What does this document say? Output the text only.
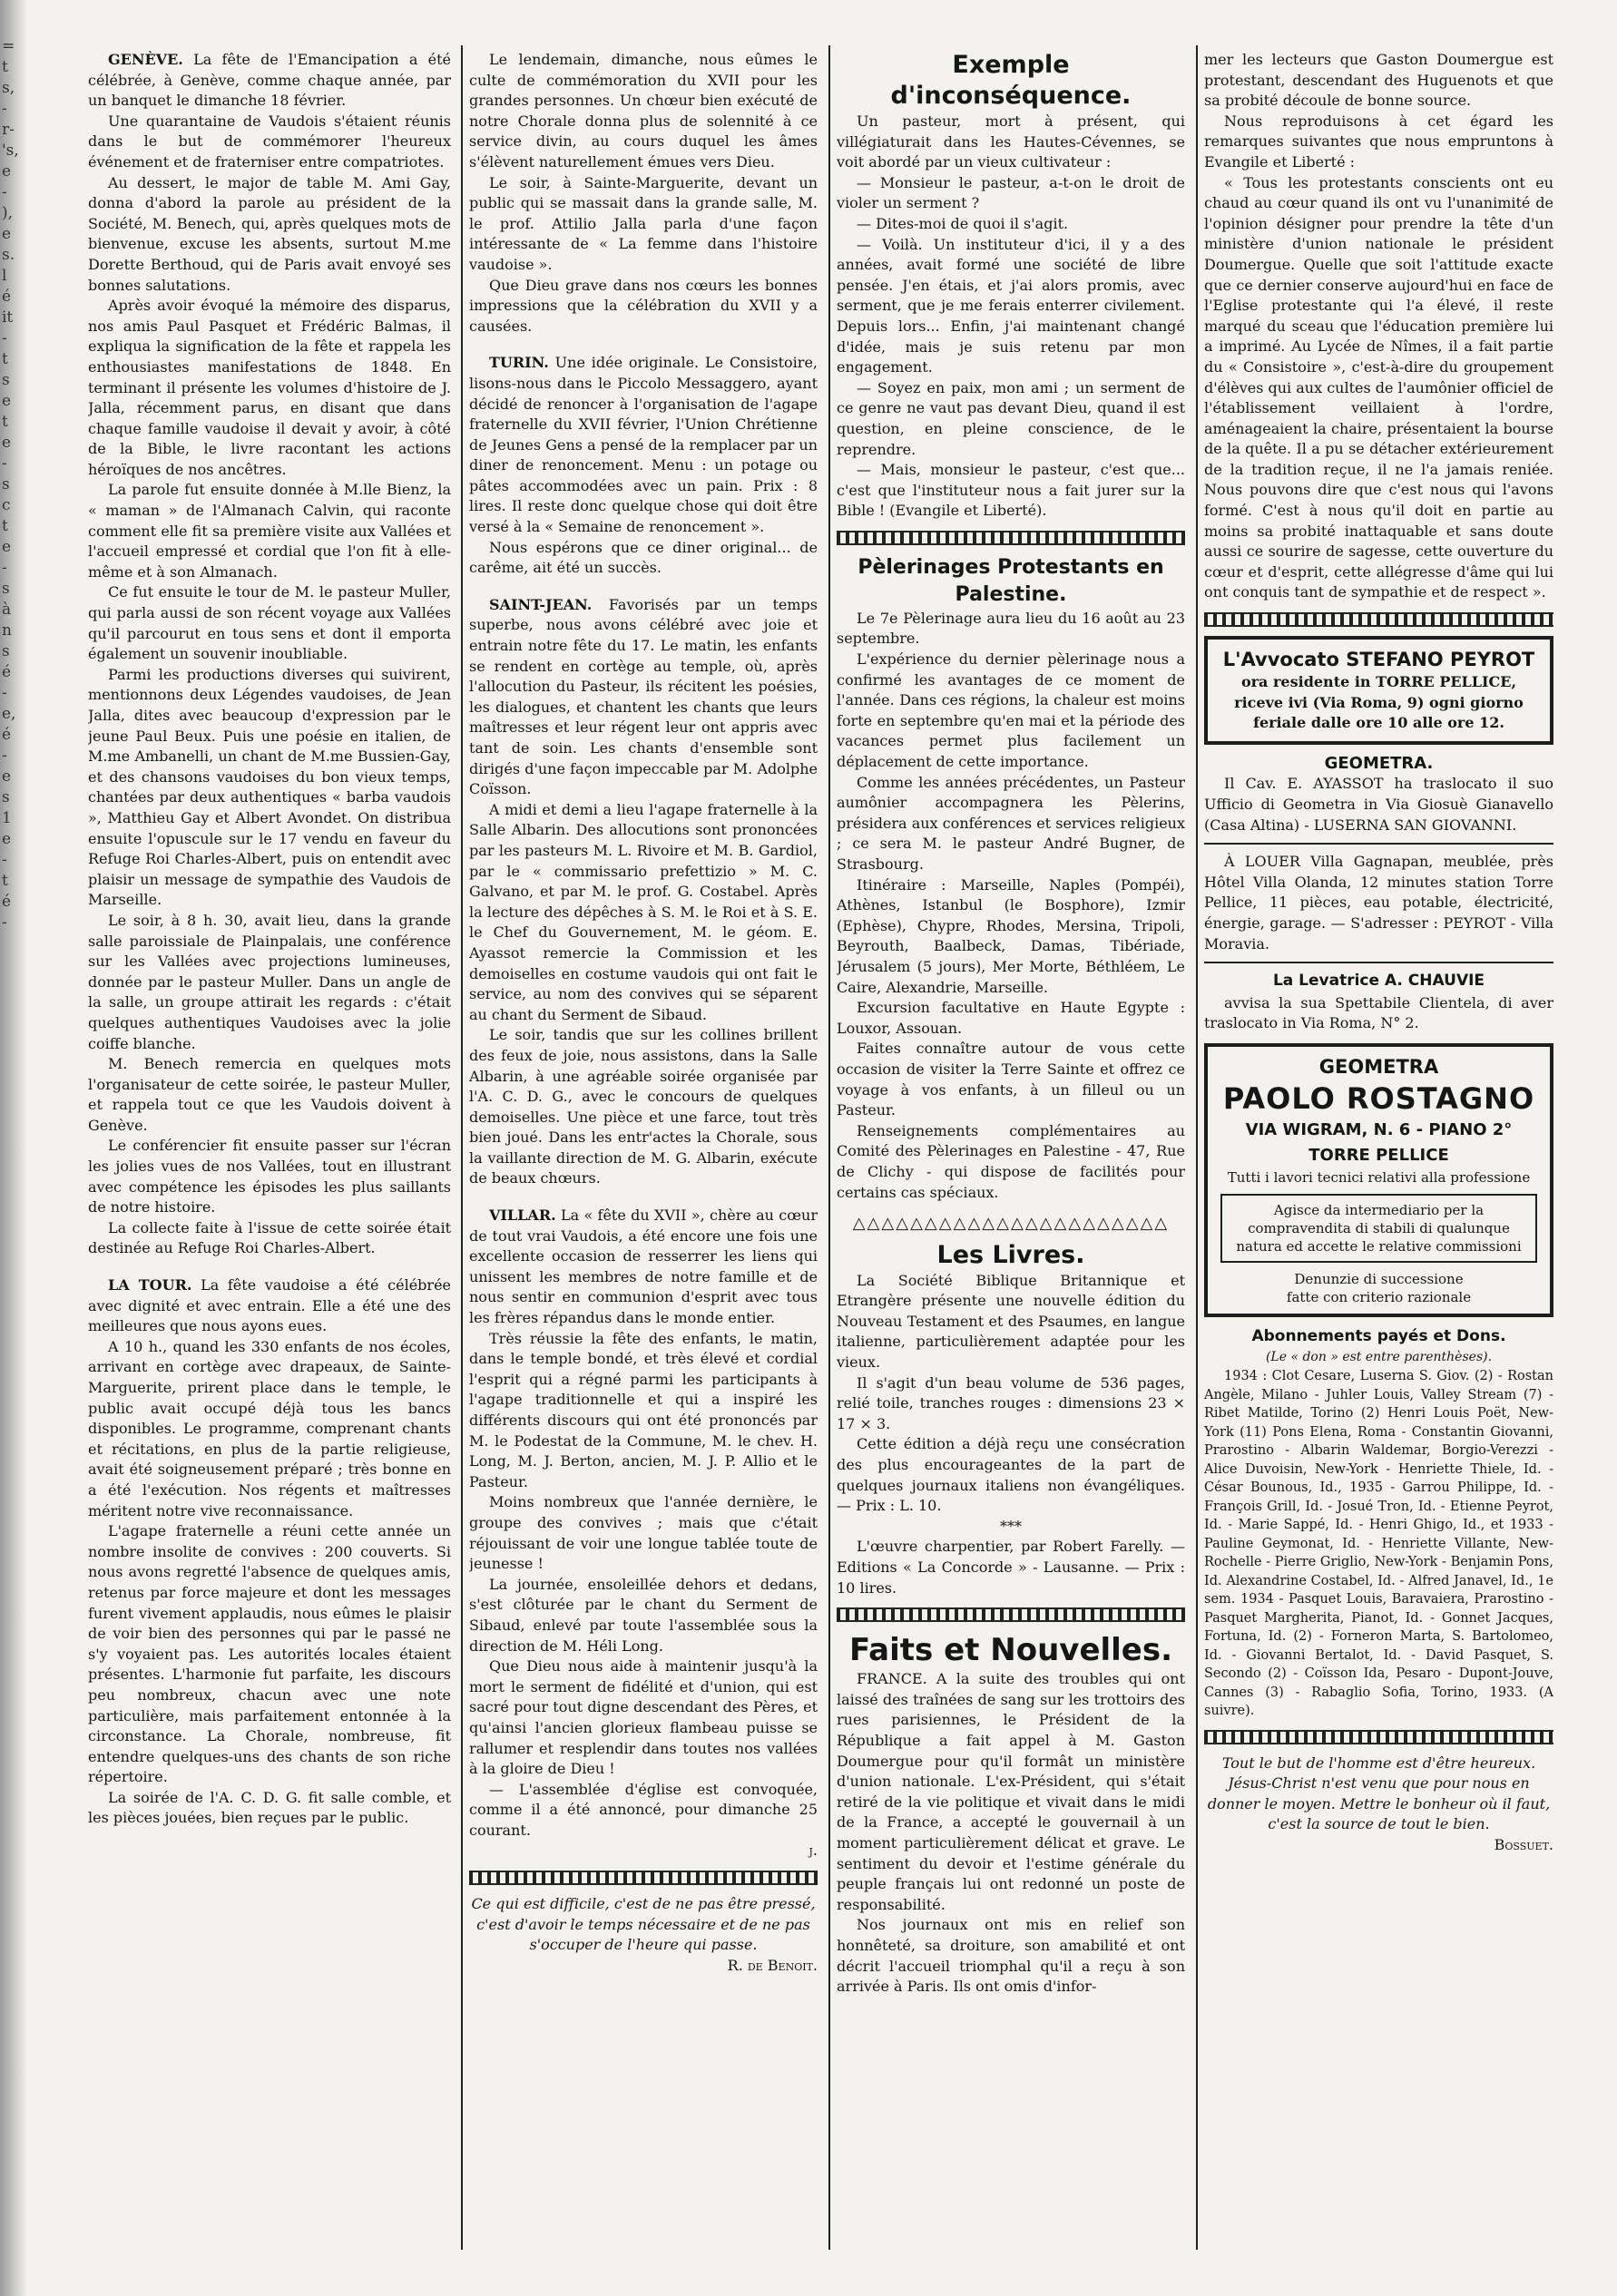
=
t
s,
-
r-
's,
e
-
),
e
s.
l
é
it
-
t
s
e
t
e
-
s
c
t
e
-
s
à
n
s
é
-
e,
é
-
e
s
1
e
-
t
é
-

GENÈVE. La fête de l'Emancipation a été célébrée, à Genève, comme chaque année, par un banquet le dimanche 18 février.

Une quarantaine de Vaudois s'étaient réunis dans le but de commémorer l'heureux événement et de fraterniser entre compatriotes.

Au dessert, le major de table M. Ami Gay, donna d'abord la parole au président de la Société, M. Benech, qui, après quelques mots de bienvenue, excuse les absents, surtout M.me Dorette Berthoud, qui de Paris avait envoyé ses bonnes salutations.

Après avoir évoqué la mémoire des disparus, nos amis Paul Pasquet et Frédéric Balmas, il expliqua la signification de la fête et rappela les enthousiastes manifestations de 1848. En terminant il présente les volumes d'histoire de J. Jalla, récemment parus, en disant que dans chaque famille vaudoise il devait y avoir, à côté de la Bible, le livre racontant les actions héroïques de nos ancêtres.

La parole fut ensuite donnée à M.lle Bienz, la « maman » de l'Almanach Calvin, qui raconte comment elle fit sa première visite aux Vallées et l'accueil empressé et cordial que l'on fit à elle-même et à son Almanach.

Ce fut ensuite le tour de M. le pasteur Muller, qui parla aussi de son récent voyage aux Vallées qu'il parcourut en tous sens et dont il emporta également un souvenir inoubliable.

Parmi les productions diverses qui suivirent, mentionnons deux Légendes vaudoises, de Jean Jalla, dites avec beaucoup d'expression par le jeune Paul Beux. Puis une poésie en italien, de M.me Ambanelli, un chant de M.me Bussien-Gay, et des chansons vaudoises du bon vieux temps, chantées par deux authentiques « barba vaudois », Matthieu Gay et Albert Avondet. On distribua ensuite l'opuscule sur le 17 vendu en faveur du Refuge Roi Charles-Albert, puis on entendit avec plaisir un message de sympathie des Vaudois de Marseille.

Le soir, à 8 h. 30, avait lieu, dans la grande salle paroissiale de Plainpalais, une conférence sur les Vallées avec projections lumineuses, donnée par le pasteur Muller. Dans un angle de la salle, un groupe attirait les regards : c'était quelques authentiques Vaudoises avec la jolie coiffe blanche.

M. Benech remercia en quelques mots l'organisateur de cette soirée, le pasteur Muller, et rappela tout ce que les Vaudois doivent à Genève.

Le conférencier fit ensuite passer sur l'écran les jolies vues de nos Vallées, tout en illustrant avec compétence les épisodes les plus saillants de notre histoire.

La collecte faite à l'issue de cette soirée était destinée au Refuge Roi Charles-Albert.

LA TOUR. La fête vaudoise a été célébrée avec dignité et avec entrain. Elle a été une des meilleures que nous ayons eues.

A 10 h., quand les 330 enfants de nos écoles, arrivant en cortège avec drapeaux, de Sainte-Marguerite, prirent place dans le temple, le public avait occupé déjà tous les bancs disponibles. Le programme, comprenant chants et récitations, en plus de la partie religieuse, avait été soigneusement préparé ; très bonne en a été l'exécution. Nos régents et maîtresses méritent notre vive reconnaissance.

L'agape fraternelle a réuni cette année un nombre insolite de convives : 200 couverts. Si nous avons regretté l'absence de quelques amis, retenus par force majeure et dont les messages furent vivement applaudis, nous eûmes le plaisir de voir bien des personnes qui par le passé ne s'y voyaient pas. Les autorités locales étaient présentes. L'harmonie fut parfaite, les discours peu nombreux, chacun avec une note particulière, mais parfaitement entonnée à la circonstance. La Chorale, nombreuse, fit entendre quelques-uns des chants de son riche répertoire.

La soirée de l'A. C. D. G. fit salle comble, et les pièces jouées, bien reçues par le public.

Le lendemain, dimanche, nous eûmes le culte de commémoration du XVII pour les grandes personnes. Un chœur bien exécuté de notre Chorale donna plus de solennité à ce service divin, au cours duquel les âmes s'élèvent naturellement émues vers Dieu.

Le soir, à Sainte-Marguerite, devant un public qui se massait dans la grande salle, M. le prof. Attilio Jalla parla d'une façon intéressante de « La femme dans l'histoire vaudoise ».

Que Dieu grave dans nos cœurs les bonnes impressions que la célébration du XVII y a causées.

TURIN. Une idée originale. Le Consistoire, lisons-nous dans le Piccolo Messaggero, ayant décidé de renoncer à l'organisation de l'agape fraternelle du XVII février, l'Union Chrétienne de Jeunes Gens a pensé de la remplacer par un diner de renoncement. Menu : un potage ou pâtes accommodées avec un pain. Prix : 8 lires. Il reste donc quelque chose qui doit être versé à la « Semaine de renoncement ».

Nous espérons que ce diner original... de carême, ait été un succès.

SAINT-JEAN. Favorisés par un temps superbe, nous avons célébré avec joie et entrain notre fête du 17. Le matin, les enfants se rendent en cortège au temple, où, après l'allocution du Pasteur, ils récitent les poésies, les dialogues, et chantent les chants que leurs maîtresses et leur régent leur ont appris avec tant de soin. Les chants d'ensemble sont dirigés d'une façon impeccable par M. Adolphe Coïsson.

A midi et demi a lieu l'agape fraternelle à la Salle Albarin. Des allocutions sont prononcées par les pasteurs M. L. Rivoire et M. B. Gardiol, par le « commissario prefettizio » M. C. Galvano, et par M. le prof. G. Costabel. Après la lecture des dépêches à S. M. le Roi et à S. E. le Chef du Gouvernement, M. le géom. E. Ayassot remercie la Commission et les demoiselles en costume vaudois qui ont fait le service, au nom des convives qui se séparent au chant du Serment de Sibaud.

Le soir, tandis que sur les collines brillent des feux de joie, nous assistons, dans la Salle Albarin, à une agréable soirée organisée par l'A. C. D. G., avec le concours de quelques demoiselles. Une pièce et une farce, tout très bien joué. Dans les entr'actes la Chorale, sous la vaillante direction de M. G. Albarin, exécute de beaux chœurs.

VILLAR. La « fête du XVII », chère au cœur de tout vrai Vaudois, a été encore une fois une excellente occasion de resserrer les liens qui unissent les membres de notre famille et de nous sentir en communion d'esprit avec tous les frères répandus dans le monde entier.

Très réussie la fête des enfants, le matin, dans le temple bondé, et très élevé et cordial l'esprit qui a régné parmi les participants à l'agape traditionnelle et qui a inspiré les différents discours qui ont été prononcés par M. le Podestat de la Commune, M. le chev. H. Long, M. J. Berton, ancien, M. J. P. Allio et le Pasteur.

Moins nombreux que l'année dernière, le groupe des convives ; mais que c'était réjouissant de voir une longue tablée toute de jeunesse !

La journée, ensoleillée dehors et dedans, s'est clôturée par le chant du Serment de Sibaud, enlevé par toute l'assemblée sous la direction de M. Héli Long.

Que Dieu nous aide à maintenir jusqu'à la mort le serment de fidélité et d'union, qui est sacré pour tout digne descendant des Pères, et qu'ainsi l'ancien glorieux flambeau puisse se rallumer et resplendir dans toutes nos vallées à la gloire de Dieu !

— L'assemblée d'église est convoquée, comme il a été annoncé, pour dimanche 25 courant.

j.

Ce qui est difficile, c'est de ne pas être pressé, c'est d'avoir le temps nécessaire et de ne pas s'occuper de l'heure qui passe.

R. de Benoit.

Exemple d'inconséquence.

Un pasteur, mort à présent, qui villégiaturait dans les Hautes-Cévennes, se voit abordé par un vieux cultivateur :

— Monsieur le pasteur, a-t-on le droit de violer un serment ?

— Dites-moi de quoi il s'agit.

— Voilà. Un instituteur d'ici, il y a des années, avait formé une société de libre pensée. J'en étais, et j'ai alors promis, avec serment, que je me ferais enterrer civilement. Depuis lors... Enfin, j'ai maintenant changé d'idée, mais je suis retenu par mon engagement.

— Soyez en paix, mon ami ; un serment de ce genre ne vaut pas devant Dieu, quand il est question, en pleine conscience, de le reprendre.

— Mais, monsieur le pasteur, c'est que... c'est que l'instituteur nous a fait jurer sur la Bible ! (Evangile et Liberté).

Pèlerinages Protestants en Palestine.

Le 7e Pèlerinage aura lieu du 16 août au 23 septembre.

L'expérience du dernier pèlerinage nous a confirmé les avantages de ce moment de l'année. Dans ces régions, la chaleur est moins forte en septembre qu'en mai et la période des vacances permet plus facilement un déplacement de cette importance.

Comme les années précédentes, un Pasteur aumônier accompagnera les Pèlerins, présidera aux conférences et services religieux ; ce sera M. le pasteur André Bugner, de Strasbourg.

Itinéraire : Marseille, Naples (Pompéi), Athènes, Istanbul (le Bosphore), Izmir (Ephèse), Chypre, Rhodes, Mersina, Tripoli, Beyrouth, Baalbeck, Damas, Tibériade, Jérusalem (5 jours), Mer Morte, Béthléem, Le Caire, Alexandrie, Marseille.

Excursion facultative en Haute Egypte : Louxor, Assouan.

Faites connaître autour de vous cette occasion de visiter la Terre Sainte et offrez ce voyage à vos enfants, à un filleul ou un Pasteur.

Renseignements complémentaires au Comité des Pèlerinages en Palestine - 47, Rue de Clichy - qui dispose de facilités pour certains cas spéciaux.

△△△△△△△△△△△△△△△△△△△△△△

Les Livres.

La Société Biblique Britannique et Etrangère présente une nouvelle édition du Nouveau Testament et des Psaumes, en langue italienne, particulièrement adaptée pour les vieux.

Il s'agit d'un beau volume de 536 pages, relié toile, tranches rouges : dimensions 23 × 17 × 3.

Cette édition a déjà reçu une consécration des plus encourageantes de la part de quelques journaux italiens non évangéliques. — Prix : L. 10.

***

L'œuvre charpentier, par Robert Farelly. — Editions « La Concorde » - Lausanne. — Prix : 10 lires.

Faits et Nouvelles.

FRANCE. A la suite des troubles qui ont laissé des traînées de sang sur les trottoirs des rues parisiennes, le Président de la République a fait appel à M. Gaston Doumergue pour qu'il formât un ministère d'union nationale. L'ex-Président, qui s'était retiré de la vie politique et vivait dans le midi de la France, a accepté le gouvernail à un moment particulièrement délicat et grave. Le sentiment du devoir et l'estime générale du peuple français lui ont redonné un poste de responsabilité.

Nos journaux ont mis en relief son honnêteté, sa droiture, son amabilité et ont décrit l'accueil triomphal qu'il a reçu à son arrivée à Paris. Ils ont omis d'infor-

mer les lecteurs que Gaston Doumergue est protestant, descendant des Huguenots et que sa probité découle de bonne source.

Nous reproduisons à cet égard les remarques suivantes que nous empruntons à Evangile et Liberté :

« Tous les protestants conscients ont eu chaud au cœur quand ils ont vu l'unanimité de l'opinion désigner pour prendre la tête d'un ministère d'union nationale le président Doumergue. Quelle que soit l'attitude exacte que ce dernier conserve aujourd'hui en face de l'Eglise protestante qui l'a élevé, il reste marqué du sceau que l'éducation première lui a imprimé. Au Lycée de Nîmes, il a fait partie du « Consistoire », c'est-à-dire du groupement d'élèves qui aux cultes de l'aumônier officiel de l'établissement veillaient à l'ordre, aménageaient la chaire, présentaient la bourse de la quête. Il a pu se détacher extérieurement de la tradition reçue, il ne l'a jamais reniée. Nous pouvons dire que c'est nous qui l'avons formé. C'est à nous qu'il doit en partie au moins sa probité inattaquable et sans doute aussi ce sourire de sagesse, cette ouverture du cœur et d'esprit, cette allégresse d'âme qui lui ont conquis tant de sympathie et de respect ».

L'Avvocato STEFANO PEYROT

ora residente in TORRE PELLICE,

riceve ivi (Via Roma, 9) ogni giorno

feriale dalle ore 10 alle ore 12.

GEOMETRA.

Il Cav. E. AYASSOT ha traslocato il suo Ufficio di Geometra in Via Giosuè Gianavello (Casa Altina) - LUSERNA SAN GIOVANNI.

À LOUER Villa Gagnapan, meublée, près Hôtel Villa Olanda, 12 minutes station Torre Pellice, 11 pièces, eau potable, électricité, énergie, garage. — S'adresser : PEYROT - Villa Moravia.

La Levatrice A. CHAUVIE

avvisa la sua Spettabile Clientela, di aver traslocato in Via Roma, N° 2.

GEOMETRA

PAOLO ROSTAGNO

VIA WIGRAM, N. 6 - PIANO 2°

TORRE PELLICE

Tutti i lavori tecnici relativi alla professione

Agisce da intermediario per la compravendita di stabili di qualunque natura ed accette le relative commissioni

Denunzie di successione

fatte con criterio razionale

Abonnements payés et Dons.

(Le « don » est entre parenthèses).

1934 : Clot Cesare, Luserna S. Giov. (2) - Rostan Angèle, Milano - Juhler Louis, Valley Stream (7) - Ribet Matilde, Torino (2) Henri Louis Poët, New-York (11) Pons Elena, Roma - Constantin Giovanni, Prarostino - Albarin Waldemar, Borgio-Verezzi - Alice Duvoisin, New-York - Henriette Thiele, Id. - César Bounous, Id., 1935 - Garrou Philippe, Id. - François Grill, Id. - Josué Tron, Id. - Etienne Peyrot, Id. - Marie Sappé, Id. - Henri Ghigo, Id., et 1933 - Pauline Geymonat, Id. - Henriette Villante, New-Rochelle - Pierre Griglio, New-York - Benjamin Pons, Id. Alexandrine Costabel, Id. - Alfred Janavel, Id., 1e sem. 1934 - Pasquet Louis, Baravaiera, Prarostino - Pasquet Margherita, Pianot, Id. - Gonnet Jacques, Fortuna, Id. (2) - Forneron Marta, S. Bartolomeo, Id. - Giovanni Bertalot, Id. - David Pasquet, S. Secondo (2) - Coïsson Ida, Pesaro - Dupont-Jouve, Cannes (3) - Rabaglio Sofia, Torino, 1933. (A suivre).

Tout le but de l'homme est d'être heureux. Jésus-Christ n'est venu que pour nous en donner le moyen. Mettre le bonheur où il faut, c'est la source de tout le bien.

Bossuet.
